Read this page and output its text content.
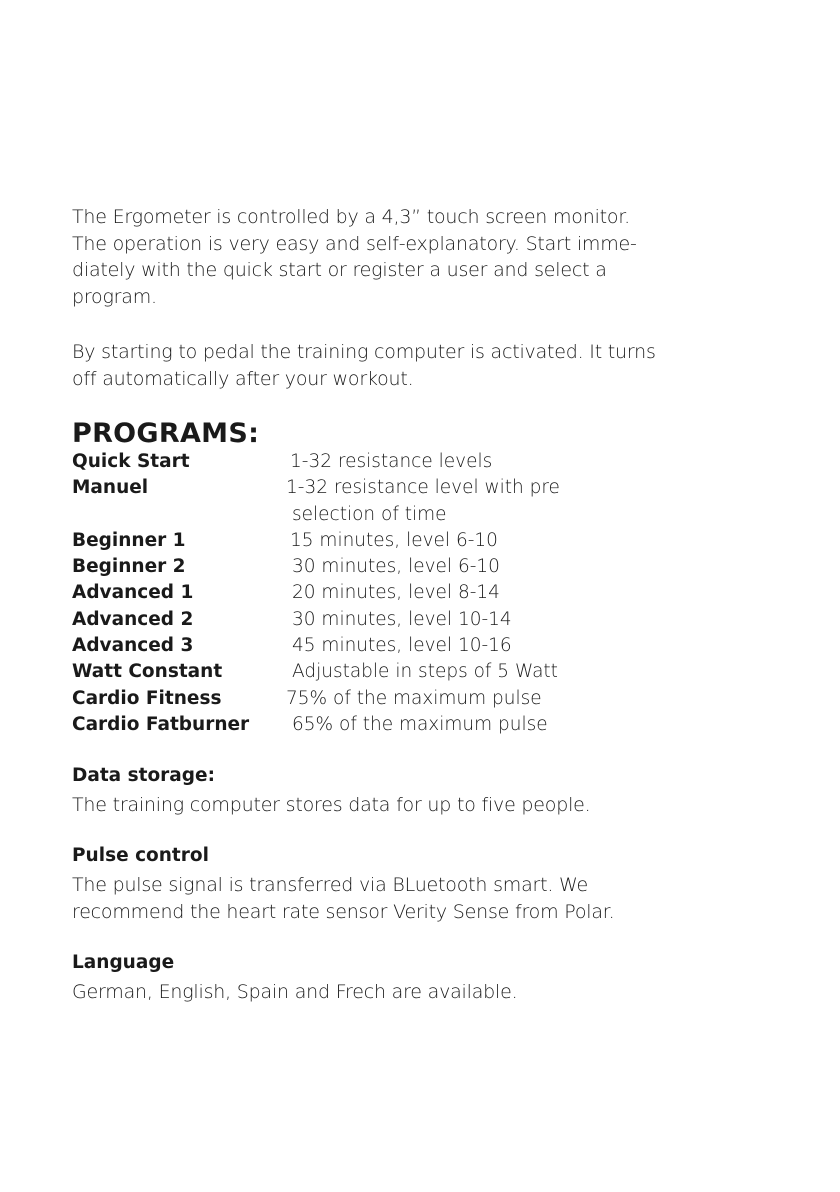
The Ergometer is controlled by a 4,3” touch screen monitor.
The operation is very easy and self-explanatory. Start imme-
diately with the quick start or register a user and select a
program.

By starting to pedal the training computer is activated. It turns
off automatically after your workout.

PROGRAMS:
Quick Start	1-32 resistance levels
Manuel	1-32 resistance level with pre
selection of time
Beginner 1	15 minutes, level 6-10
Beginner 2	30 minutes, level 6-10
Advanced 1	20 minutes, level 8-14
Advanced 2	30 minutes, level 10-14
Advanced 3	45 minutes, level 10-16
Watt Constant	Adjustable in steps of 5 Watt
Cardio Fitness	75% of the maximum pulse
Cardio Fatburner 65% of the maximum pulse
Data storage:

The training computer stores data for up to five people.

Pulse control

The pulse signal is transferred via BLuetooth smart. We
recommend the heart rate sensor Verity Sense from Polar.

Language

German, English, Spain and Frech are available.
